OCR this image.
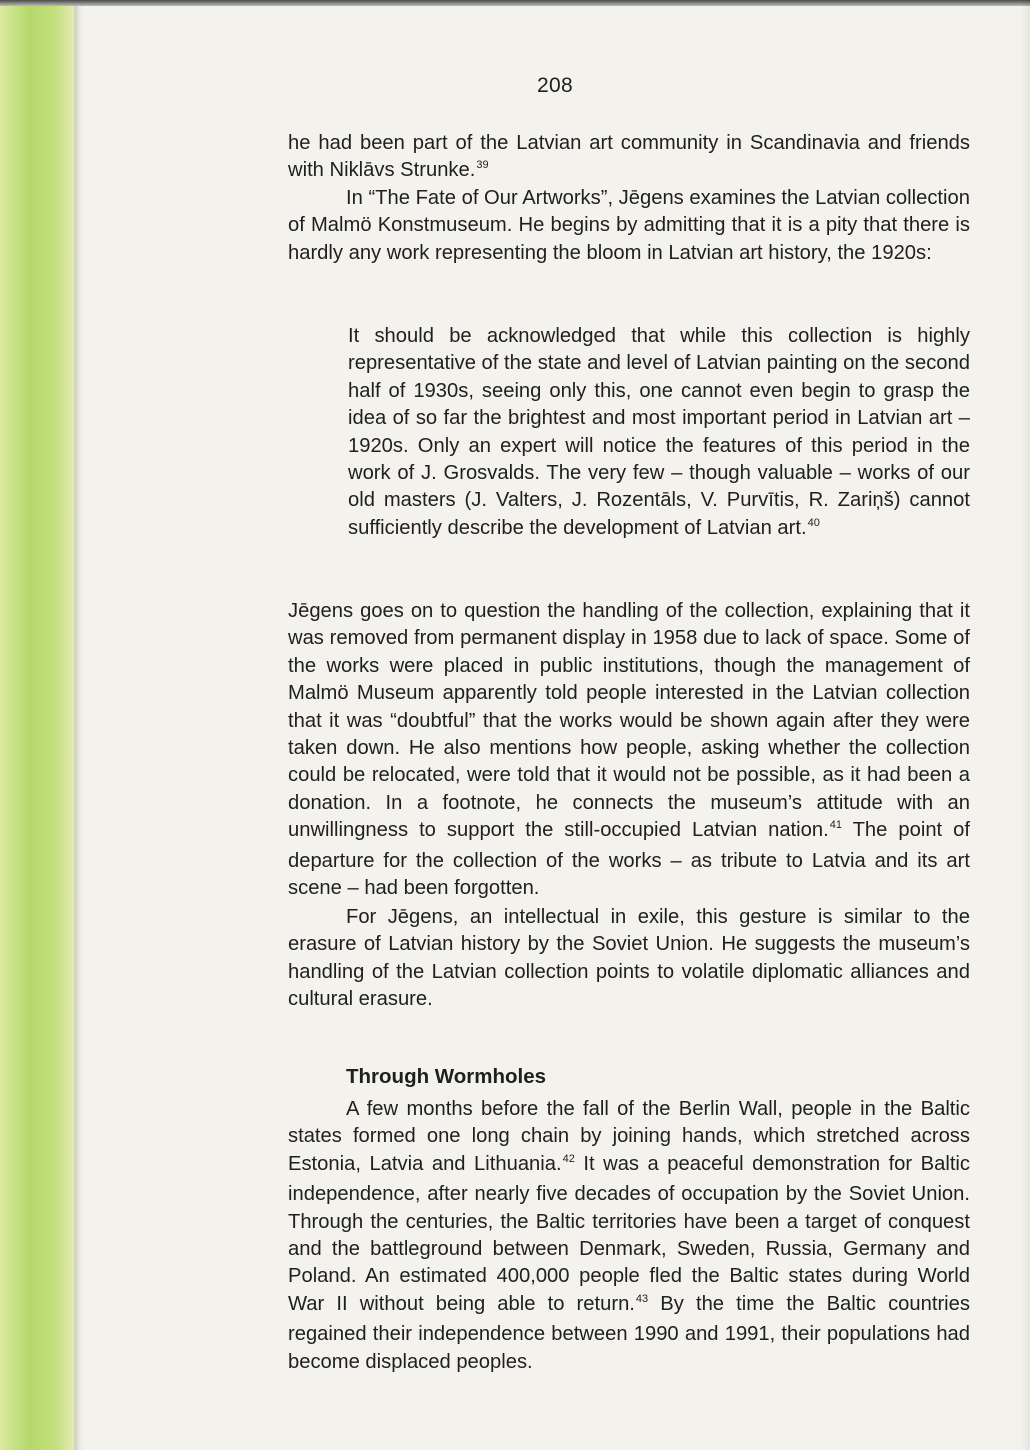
208

he had been part of the Latvian art community in Scandinavia and friends with Niklāvs Strunke.$^{39}$

In “The Fate of Our Artworks”, Jēgens examines the Latvian collection of Malmö Konstmuseum. He begins by admitting that it is a pity that there is hardly any work representing the bloom in Latvian art history, the 1920s:

It should be acknowledged that while this collection is highly representative of the state and level of Latvian painting on the second half of 1930s, seeing only this, one cannot even begin to grasp the idea of so far the brightest and most important period in Latvian art – 1920s. Only an expert will notice the features of this period in the work of J. Grosvalds. The very few – though valuable – works of our old masters (J. Valters, J. Rozentāls, V. Purvītis, R. Zariņš) cannot sufficiently describe the development of Latvian art.$^{40}$

Jēgens goes on to question the handling of the collection, explaining that it was removed from permanent display in 1958 due to lack of space. Some of the works were placed in public institutions, though the management of Malmö Museum apparently told people interested in the Latvian collection that it was “doubtful” that the works would be shown again after they were taken down. He also mentions how people, asking whether the collection could be relocated, were told that it would not be possible, as it had been a donation. In a footnote, he connects the museum’s attitude with an unwillingness to support the still-occupied Latvian nation.$^{41}$ The point of departure for the collection of the works – as tribute to Latvia and its art scene – had been forgotten.

For Jēgens, an intellectual in exile, this gesture is similar to the erasure of Latvian history by the Soviet Union. He suggests the museum’s handling of the Latvian collection points to volatile diplomatic alliances and cultural erasure.

Through Wormholes

A few months before the fall of the Berlin Wall, people in the Baltic states formed one long chain by joining hands, which stretched across Estonia, Latvia and Lithuania.$^{42}$ It was a peaceful demonstration for Baltic independence, after nearly five decades of occupation by the Soviet Union. Through the centuries, the Baltic territories have been a target of conquest and the battleground between Denmark, Sweden, Russia, Germany and Poland. An estimated 400,000 people fled the Baltic states during World War II without being able to return.$^{43}$ By the time the Baltic countries regained their independence between 1990 and 1991, their populations had become displaced peoples.
